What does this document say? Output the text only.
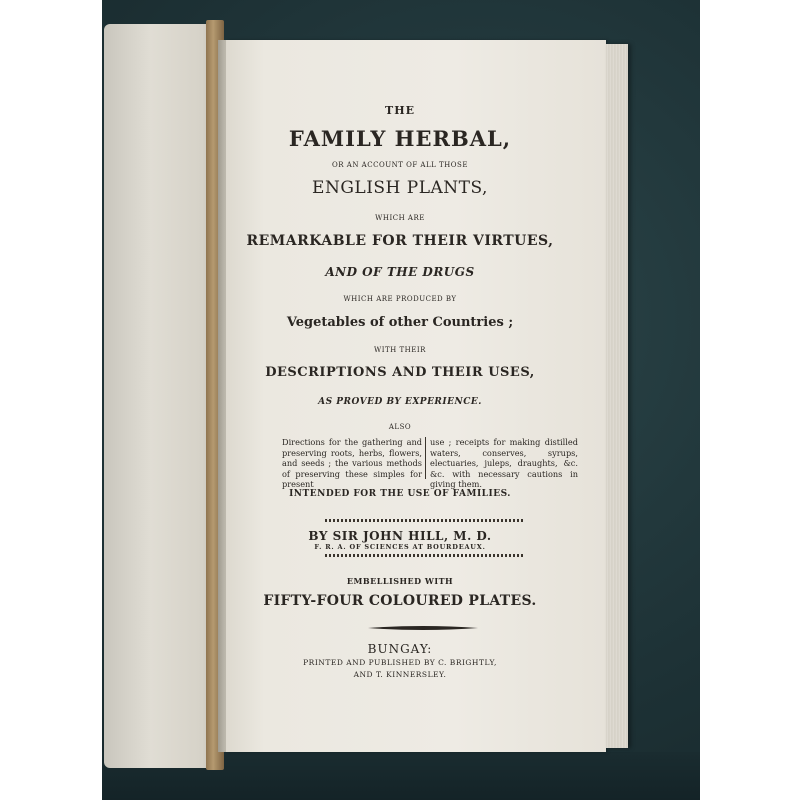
THE
FAMILY HERBAL,
OR AN ACCOUNT OF ALL THOSE
ENGLISH PLANTS,
WHICH ARE
REMARKABLE FOR THEIR VIRTUES,
AND OF THE DRUGS
WHICH ARE PRODUCED BY
Vegetables of other Countries ;
WITH THEIR
DESCRIPTIONS AND THEIR USES,
AS PROVED BY EXPERIENCE.
ALSO
Directions for the gathering and preserving roots, herbs, flowers, and seeds ; the various methods of preserving these simples for present
use ; receipts for making distilled waters, conserves, syrups, electuaries, juleps, draughts, &c. &c. with necessary cautions in giving them.
INTENDED FOR THE USE OF FAMILIES.
BY SIR JOHN HILL, M. D.
F. R. A. OF SCIENCES AT BOURDEAUX.
EMBELLISHED WITH
FIFTY-FOUR COLOURED PLATES.
BUNGAY:
PRINTED AND PUBLISHED BY C. BRIGHTLY,
AND T. KINNERSLEY.
